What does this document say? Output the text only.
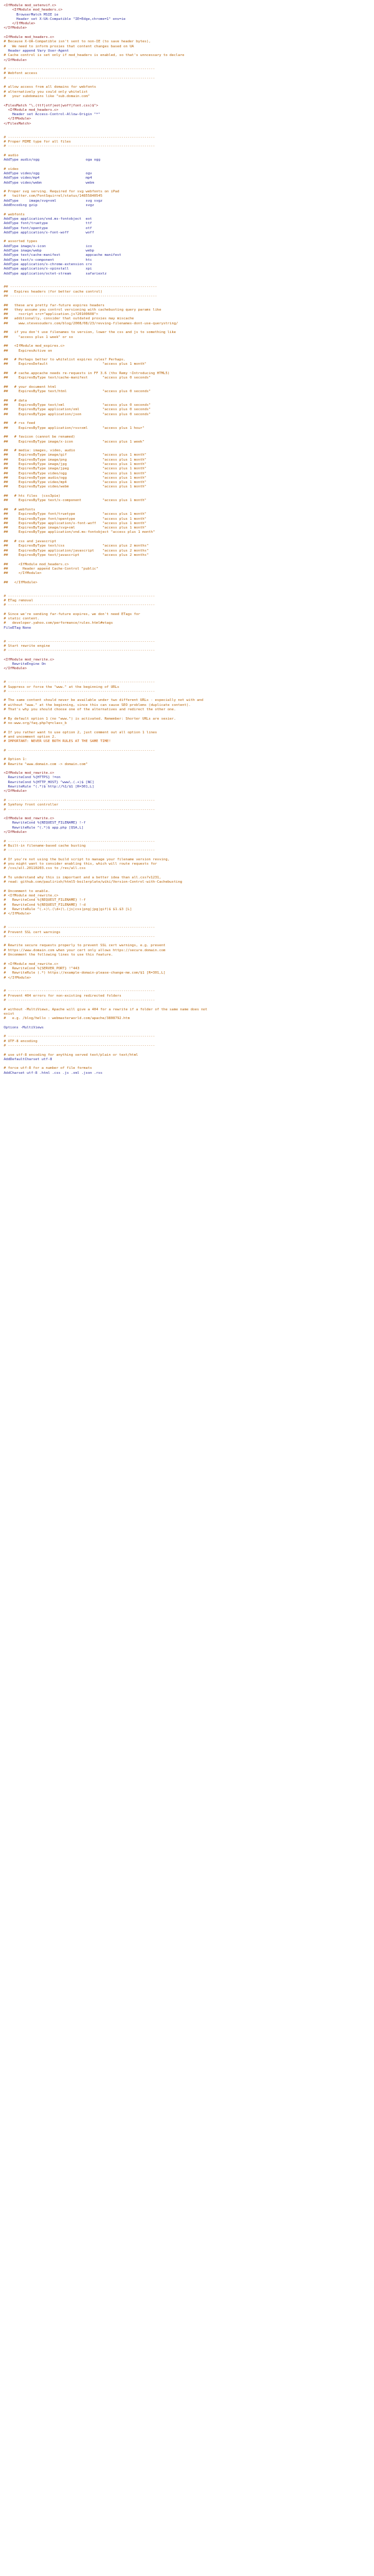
<IfModule mod_setenvif.c>
<IfModule mod_headers.c>
BrowserMatch MSIE ie
Header set X-UA-Compatible "IE=Edge,chrome=1" env=ie
</IfModule>
</IfModule>
<IfModule mod_headers.c>
# Because X-UA-Compatible isn't sent to non-IE (to save header bytes),
#   We need to inform proxies that content changes based on UA
Header append Vary User-Agent
# Cache control is set only if mod_headers is enabled, so that's unncessary to declare
</IfModule>
# ----------------------------------------------------------------------
# Webfont access
# ----------------------------------------------------------------------
# allow access from all domains for webfonts
# alternatively you could only whitelist
#   your subdomains like "sub.domain.com"
<FilesMatch "\.(ttf|otf|eot|woff|font.css)$">
<IfModule mod_headers.c>
Header set Access-Control-Allow-Origin "*"
</IfModule>
</FilesMatch>
# ----------------------------------------------------------------------
# Proper MIME type for all files
# ----------------------------------------------------------------------
# audio
AddType audio/ogg                      oga ogg
# video
AddType video/ogg                      ogv
AddType video/mp4                      mp4
AddType video/webm                     webm
# Proper svg serving. Required for svg webfonts on iPad
#   twitter.com/FontSquirrel/status/14855840545
AddType     image/svg+xml              svg svgz
AddEncoding gzip                       svgz
# webfonts
AddType application/vnd.ms-fontobject  eot
AddType font/truetype                  ttf
AddType font/opentype                  otf
AddType application/x-font-woff        woff
# assorted types
AddType image/x-icon                   ico
AddType image/webp                     webp
AddType text/cache-manifest            appcache manifest
AddType text/x-component               htc
AddType application/x-chrome-extension crx
AddType application/x-xpinstall        xpi
AddType application/octet-stream       safariextz
## ----------------------------------------------------------------------
##   Expires headers (for better cache control)
## ----------------------------------------------------------------------
##   these are pretty far-future expires headers
##   they assume you control versioning with cachebusting query params like
##     <script src="application.js?20100608">
##   additionally, consider that outdated proxies may miscache
##     www.stevesouders.com/blog/2008/08/23/revving-filenames-dont-use-querystring/
##   if you don't use filenames to version, lower the css and js to something like
##     "access plus 1 week" or so
##   <IfModule mod_expires.c>
##     ExpiresActive on
##   # Perhaps better to whitelist expires rules? Perhaps.
##     ExpiresDefault                          "access plus 1 month"
##   # cache.appcache needs re-requests in FF 3.6 (thx Remy ~Introducing HTML5)
##     ExpiresByType text/cache-manifest       "access plus 0 seconds"
##   # your document html
##     ExpiresByType text/html                 "access plus 0 seconds"
##   # data
##     ExpiresByType text/xml                  "access plus 0 seconds"
##     ExpiresByType application/xml           "access plus 0 seconds"
##     ExpiresByType application/json          "access plus 0 seconds"
##   # rss feed
##     ExpiresByType application/rss+xml       "access plus 1 hour"
##   # favicon (cannot be renamed)
##     ExpiresByType image/x-icon              "access plus 1 week"
##   # media: images, video, audio
##     ExpiresByType image/gif                 "access plus 1 month"
##     ExpiresByType image/png                 "access plus 1 month"
##     ExpiresByType image/jpg                 "access plus 1 month"
##     ExpiresByType image/jpeg                "access plus 1 month"
##     ExpiresByType video/ogg                 "access plus 1 month"
##     ExpiresByType audio/ogg                 "access plus 1 month"
##     ExpiresByType video/mp4                 "access plus 1 month"
##     ExpiresByType video/webm                "access plus 1 month"
##   # htc files  (css3pie)
##     ExpiresByType text/x-component          "access plus 1 month"
##   # webfonts
##     ExpiresByType font/truetype             "access plus 1 month"
##     ExpiresByType font/opentype             "access plus 1 month"
##     ExpiresByType application/x-font-woff   "access plus 1 month"
##     ExpiresByType image/svg+xml             "access plus 1 month"
##     ExpiresByType application/vnd.ms-fontobject "access plus 1 month"
##   # css and javascript
##     ExpiresByType text/css                  "access plus 2 months"
##     ExpiresByType application/javascript    "access plus 2 months"
##     ExpiresByType text/javascript           "access plus 2 months"
##     <IfModule mod_headers.c>
##       Header append Cache-Control "public"
##     </IfModule>
##   </IfModule>
# ----------------------------------------------------------------------
# ETag removal
# ----------------------------------------------------------------------
# Since we're sending far-future expires, we don't need ETags for
# static content.
#   developer.yahoo.com/performance/rules.html#etags
FileETag None
# ----------------------------------------------------------------------
# Start rewrite engine
# ----------------------------------------------------------------------
<IfModule mod_rewrite.c>
RewriteEngine On
</IfModule>
# ----------------------------------------------------------------------
# Suppress or force the "www." at the beginning of URLs
# ----------------------------------------------------------------------
# The same content should never be available under two different URLs - especially not with and
# without "www." at the beginning, since this can cause SEO problems (duplicate content).
# That's why you should choose one of the alternatives and redirect the other one.
# By default option 1 (no "www.") is activated. Remember: Shorter URLs are sexier.
# no-www.org/faq.php?q=class_b
# If you rather want to use option 2, just comment out all option 1 lines
# and uncomment option 2.
# IMPORTANT: NEVER USE BOTH RULES AT THE SAME TIME!
# ----------------------------------------------------------------------
# Option 1:
# Rewrite "www.domain.com -> domain.com"
<IfModule mod_rewrite.c>
RewriteCond %{HTTPS} !=on
RewriteCond %{HTTP_HOST} ^www\.(.+)$ [NC]
RewriteRule ^(.*)$ http://%1/$1 [R=301,L]
</IfModule>
# ----------------------------------------------------------------------
# Symfony front controller
# ----------------------------------------------------------------------
<IfModule mod_rewrite.c>
RewriteCond %{REQUEST_FILENAME} !-f
RewriteRule ^(.*)$ app.php [QSA,L]
</IfModule>
# ----------------------------------------------------------------------
# Built-in filename-based cache busting
# ----------------------------------------------------------------------
# If you're not using the build script to manage your filename version revving,
# you might want to consider enabling this, which will route requests for
# /css/all.20110203.css to /res/all.css
# To understand why this is important and a better idea than all.css?v1231,
# read: github.com/paulirish/html5-boilerplate/wiki/Version-Control-with-Cachebusting
# Uncomment to enable.
# <IfModule mod_rewrite.c>
#   RewriteCond %{REQUEST_FILENAME} !-f
#   RewriteCond %{REQUEST_FILENAME} !-d
#   RewriteRule ^(.+)\.(\d+)\.(js|css|png|jpg|gif)$ $1.$3 [L]
# </IfModule>
# ----------------------------------------------------------------------
# Prevent SSL cert warnings
# ----------------------------------------------------------------------
# Rewrite secure requests properly to prevent SSL cert warnings, e.g. prevent
# https://www.domain.com when your cert only allows https://secure.domain.com
# Uncomment the following lines to use this feature.
# <IfModule mod_rewrite.c>
#   RewriteCond %{SERVER_PORT} !^443
#   RewriteRule (.*) https://example-domain-please-change-me.com/$1 [R=301,L]
# </IfModule>
# ----------------------------------------------------------------------
# Prevent 404 errors for non-existing redirected folders
# ----------------------------------------------------------------------
# without -MultiViews, Apache will give a 404 for a rewrite if a folder of the same name does not
exist
#   e.g. /blog/hello : webmasterworld.com/apache/3808792.htm
Options -MultiViews
# ----------------------------------------------------------------------
# UTF-8 encoding
# ----------------------------------------------------------------------
# use utf-8 encoding for anything served text/plain or text/html
AddDefaultCharset utf-8
# force utf-8 for a number of file formats
AddCharset utf-8 .html .css .js .xml .json .rss
